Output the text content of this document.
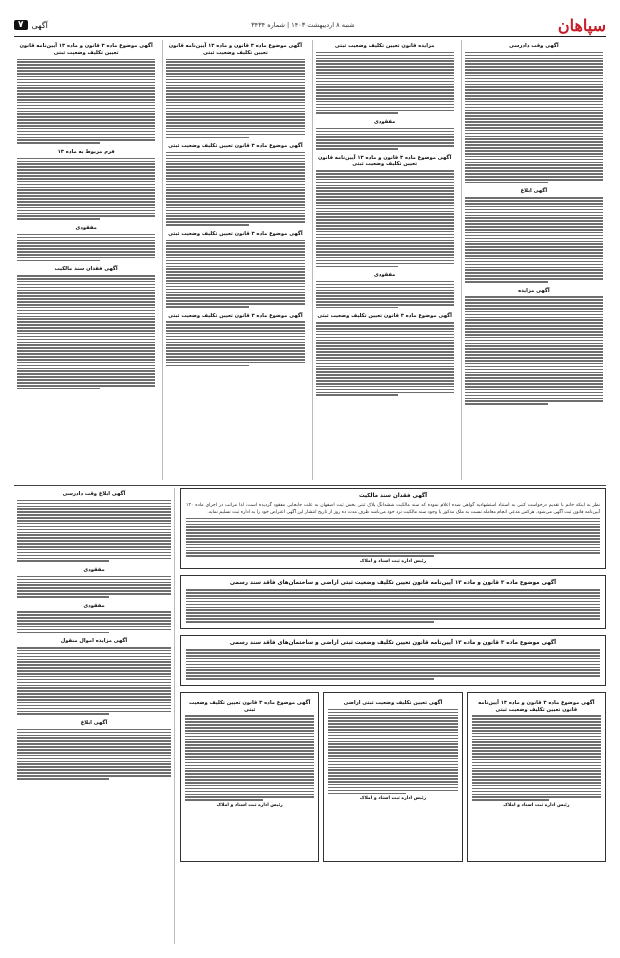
سپاهان
شنبه ۸ اردیبهشت ۱۴۰۳ | شماره ۳۴۳۴
آگهی
۷
آگهی وقت دادرسی
آگهی ابلاغ
آگهی مزایده
مزایده قانون تعیین تکلیف وضعیت ثبتی
مفقودی
آگهی موضوع ماده ۳ قانون و ماده ۱۳ آیین‌نامه قانون تعیین تکلیف وضعیت ثبتی
مفقودی
آگهی موضوع ماده ۳ قانون تعیین تکلیف وضعیت ثبتی
آگهی موضوع ماده ۳ قانون و ماده ۱۳ آیین‌نامه قانون تعیین تکلیف وضعیت ثبتی
آگهی موضوع ماده ۳ قانون تعیین تکلیف وضعیت ثبتی
آگهی موضوع ماده ۳ قانون تعیین تکلیف وضعیت ثبتی
آگهی موضوع ماده ۳ قانون تعیین تکلیف وضعیت ثبتی
آگهی موضوع ماده ۳ قانون و ماده ۱۳ آیین‌نامه قانون تعیین تکلیف وضعیت ثبتی
فرم مربوط به ماده ۱۳
مفقودی
آگهی فقدان سند مالکیت
آگهی فقدان سند مالکیت
نظر به اینکه خانم با تقدیم درخواست کتبی به استناد استشهادیه گواهی شده اعلام نموده که سند مالکیت ششدانگ پلاک ثبتی بخش ثبت اصفهان به علت جابجایی مفقود گردیده است، لذا مراتب در اجرای ماده ۱۲۰ آیین‌نامه قانون ثبت آگهی می‌شود. هرکس مدعی انجام معامله نسبت به ملک مذکور یا وجود سند مالکیت نزد خود می‌باشد ظرف مدت ده روز از تاریخ انتشار این آگهی اعتراض خود را به اداره ثبت تسلیم نماید.
رئیس اداره ثبت اسناد و املاک
آگهی موضوع ماده ۳ قانون و ماده ۱۳ آیین‌نامه قانون تعیین تکلیف وضعیت ثبتی اراضی و ساختمان‌های فاقد سند رسمی
آگهی موضوع ماده ۳ قانون و ماده ۱۳ آیین‌نامه قانون تعیین تکلیف وضعیت ثبتی اراضی و ساختمان‌های فاقد سند رسمی
آگهی موضوع ماده ۳ قانون و ماده ۱۳ آیین‌نامه قانون تعیین تکلیف وضعیت ثبتی
رئیس اداره ثبت اسناد و املاک
آگهی تعیین تکلیف وضعیت ثبتی اراضی
رئیس اداره ثبت اسناد و املاک
آگهی موضوع ماده ۳ قانون تعیین تکلیف وضعیت ثبتی
رئیس اداره ثبت اسناد و املاک
آگهی ابلاغ وقت دادرسی
مفقودی
مفقودی
آگهی مزایده اموال منقول
آگهی ابلاغ
